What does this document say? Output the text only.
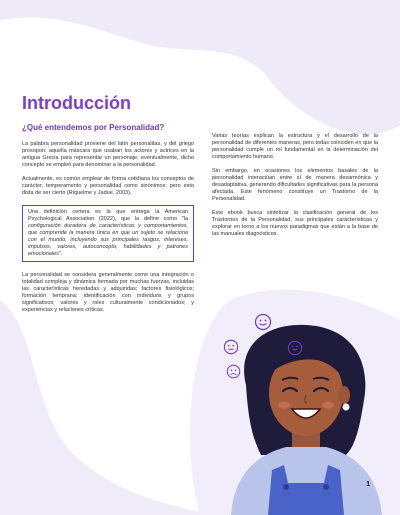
Introducción
¿Qué entendemos por Personalidad?

La palabra personalidad proviene del latín personalitas, y del griego prosopon: aquella máscara que usaban los actores y actrices en la antigua Grecia para representar un personaje; eventualmente, dicho concepto se empleó para denominar a la personalidad.

Actualmente, es común emplear de forma cotidiana los conceptos de carácter, temperamento y personalidad como sinónimos; pero esto dista de ser cierto (Riquelme y Jadue, 2003).

Una definición certera es la que entrega la American Psychological Association (2022), que la define como "la configuración duradera de características y comportamientos, que comprende la manera única en que un sujeto se relaciona con el mundo, incluyendo sus principales rasgos, intereses, impulsos, valores, autoconcepto, habilidades y patrones emocionales".

La personalidad se considera generalmente como una integración o totalidad compleja y dinámica formada por muchas fuerzas, incluidas las características heredadas y adquiridas; factores fisiológicos; formación temprana; identificación con individuos y grupos significativos; valores y roles culturalmente condicionados; y experiencias y relaciones críticas.

Varias teorías explican la estructura y el desarrollo de la personalidad de diferentes maneras, pero todas coinciden en que la personalidad cumple un rol fundamental en la determinación del comportamiento humano.

Sin embargo, en ocasiones los elementos basales de la personalidad interactúan entre sí de manera desarmónica y desadaptativa, generando dificultades significativas para la persona afectada. Este fenómeno constituye un Trastorno de la Personalidad.

Este ebook busca sintetizar la clasificación general de los Trastornos de la Personalidad, sus principales características y explorar en torno a los nuevos paradigmas que están a la base de las manuales diagnósticos.

1
